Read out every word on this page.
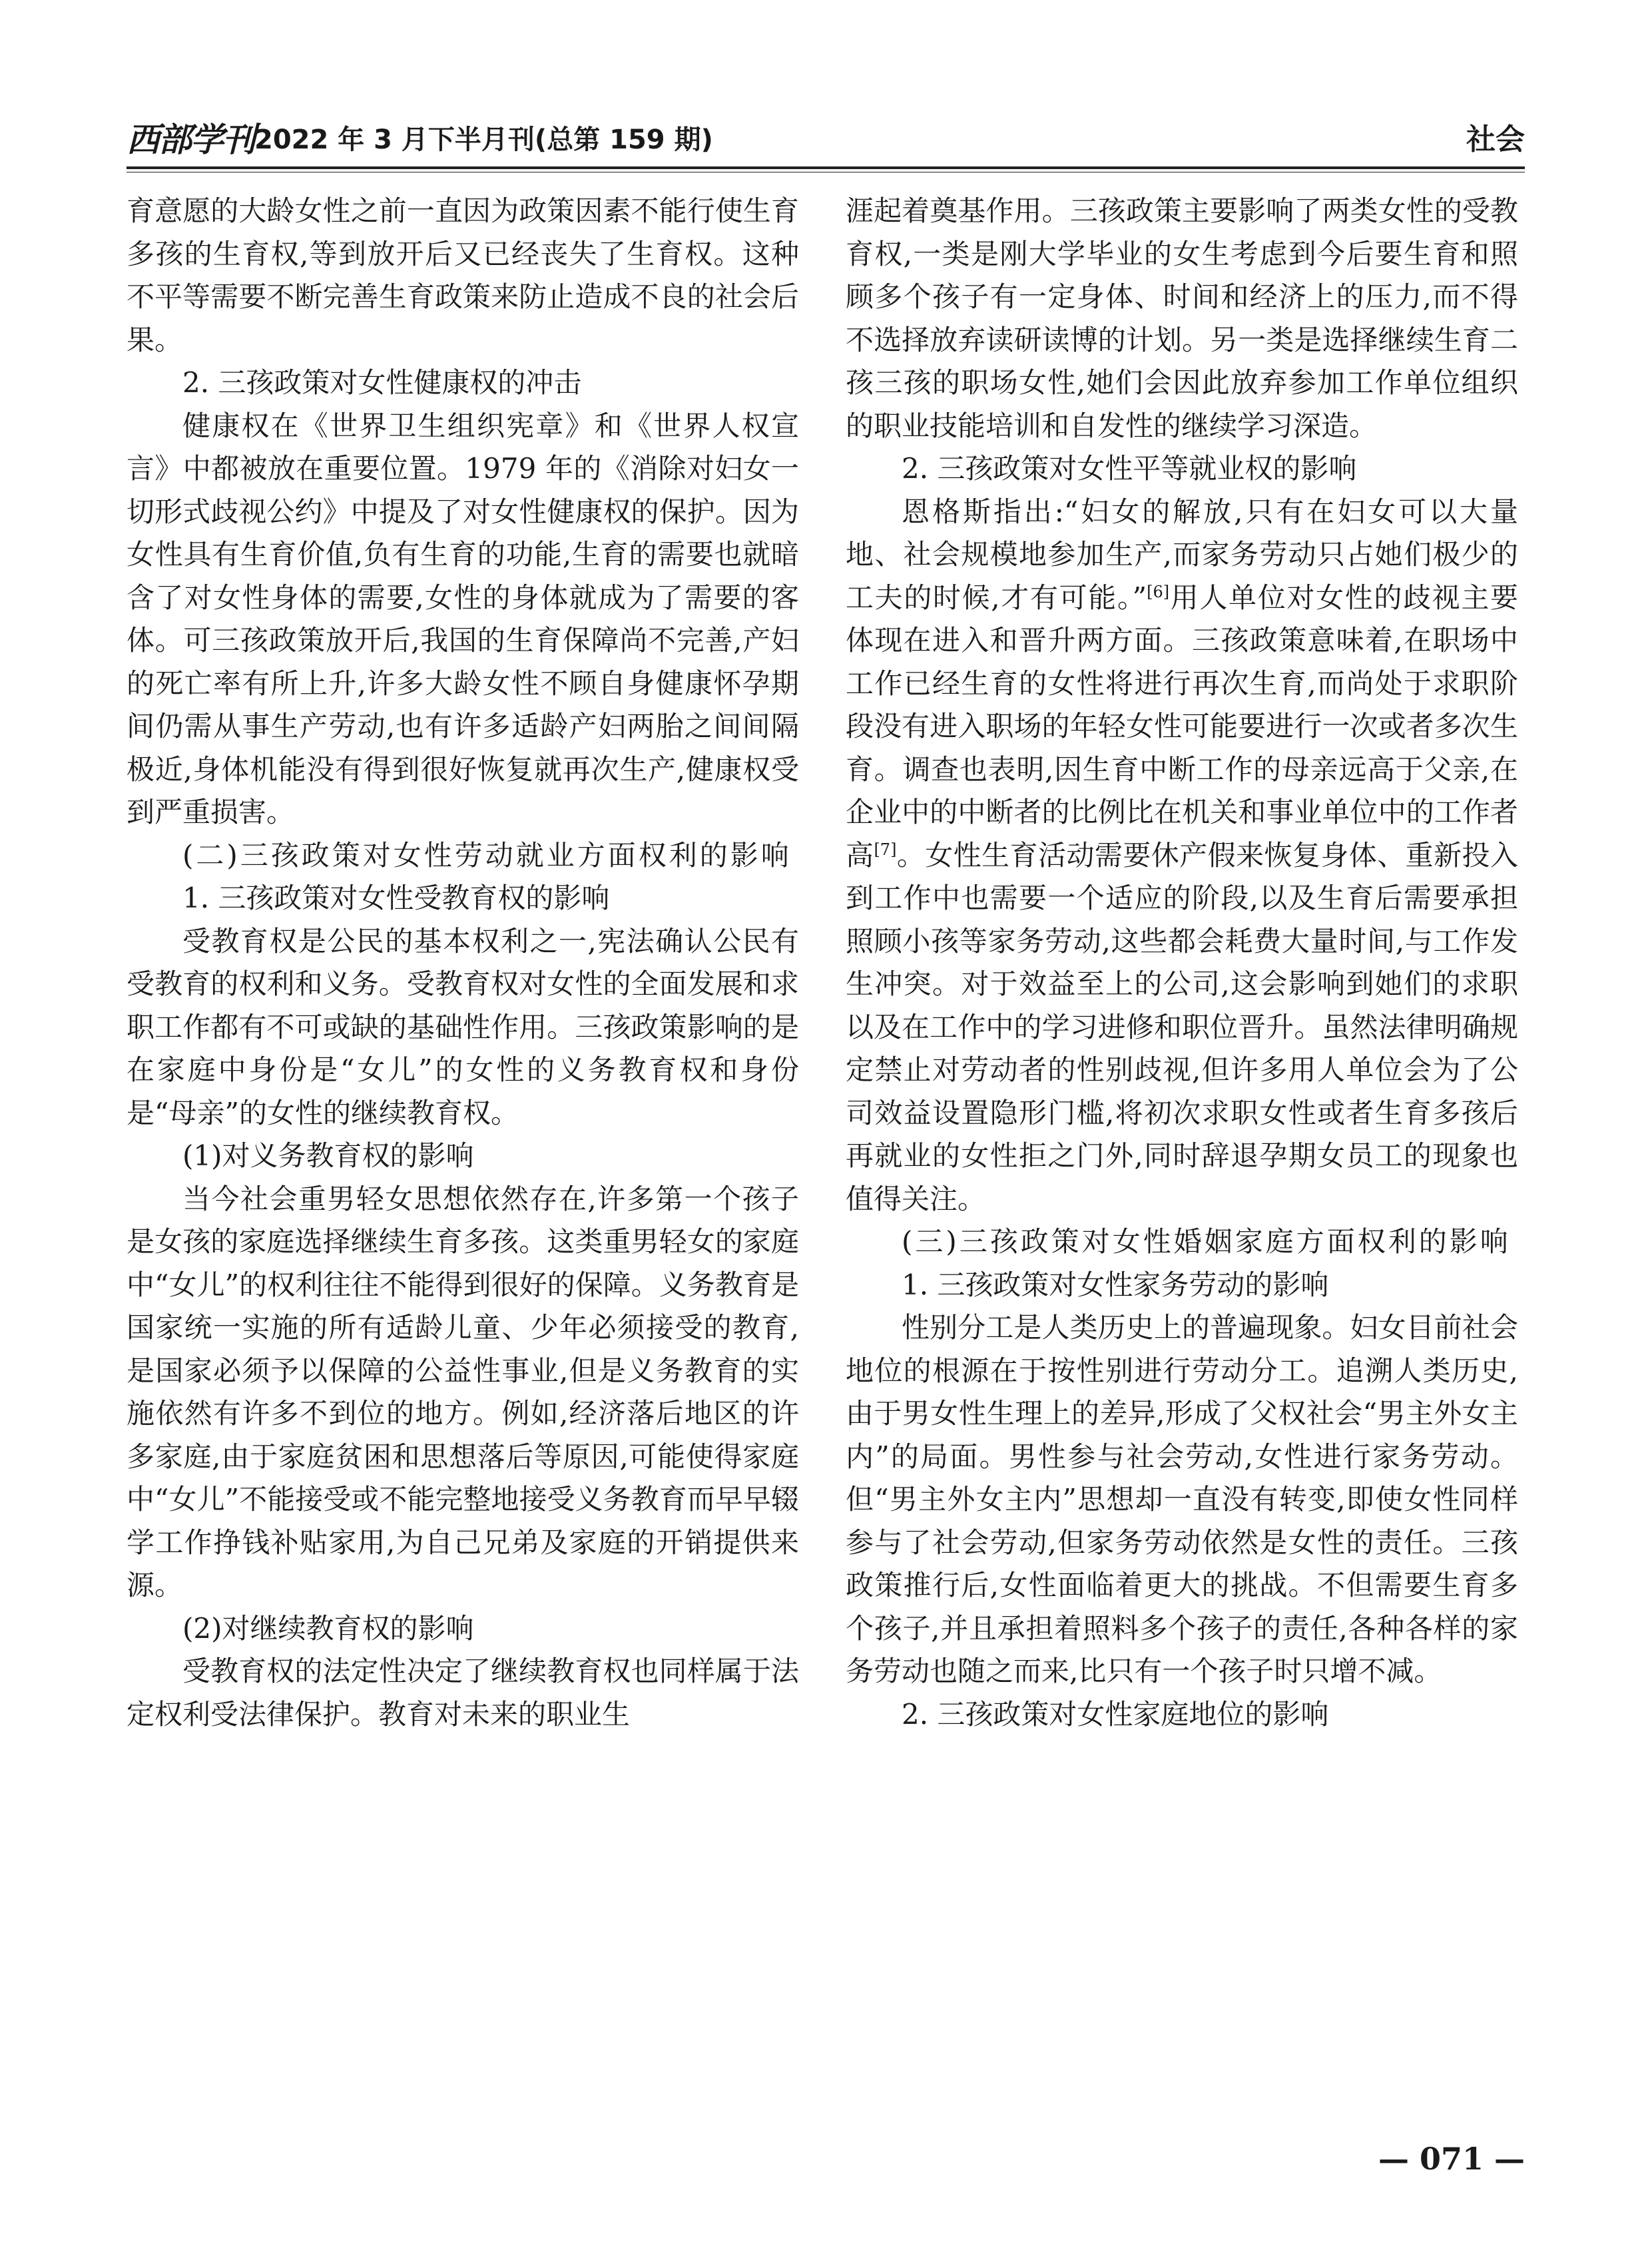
西部学刊 2022 年 3 月下半月刊(总第 159 期)	社会

育意愿的大龄女性之前一直因为政策因素不能行使生育多孩的生育权,等到放开后又已经丧失了生育权。这种不平等需要不断完善生育政策来防止造成不良的社会后果。

2. 三孩政策对女性健康权的冲击

健康权在《世界卫生组织宪章》和《世界人权宣言》中都被放在重要位置。1979 年的《消除对妇女一切形式歧视公约》中提及了对女性健康权的保护。因为女性具有生育价值,负有生育的功能,生育的需要也就暗含了对女性身体的需要,女性的身体就成为了需要的客体。可三孩政策放开后,我国的生育保障尚不完善,产妇的死亡率有所上升,许多大龄女性不顾自身健康怀孕期间仍需从事生产劳动,也有许多适龄产妇两胎之间间隔极近,身体机能没有得到很好恢复就再次生产,健康权受到严重损害。

(二)三孩政策对女性劳动就业方面权利的影响

1. 三孩政策对女性受教育权的影响

受教育权是公民的基本权利之一,宪法确认公民有受教育的权利和义务。受教育权对女性的全面发展和求职工作都有不可或缺的基础性作用。三孩政策影响的是在家庭中身份是“女儿”的女性的义务教育权和身份是“母亲”的女性的继续教育权。

(1)对义务教育权的影响

当今社会重男轻女思想依然存在,许多第一个孩子是女孩的家庭选择继续生育多孩。这类重男轻女的家庭中“女儿”的权利往往不能得到很好的保障。义务教育是国家统一实施的所有适龄儿童、少年必须接受的教育,是国家必须予以保障的公益性事业,但是义务教育的实施依然有许多不到位的地方。例如,经济落后地区的许多家庭,由于家庭贫困和思想落后等原因,可能使得家庭中“女儿”不能接受或不能完整地接受义务教育而早早辍学工作挣钱补贴家用,为自己兄弟及家庭的开销提供来源。

(2)对继续教育权的影响

受教育权的法定性决定了继续教育权也同样属于法定权利受法律保护。教育对未来的职业生

涯起着奠基作用。三孩政策主要影响了两类女性的受教育权,一类是刚大学毕业的女生考虑到今后要生育和照顾多个孩子有一定身体、时间和经济上的压力,而不得不选择放弃读研读博的计划。另一类是选择继续生育二孩三孩的职场女性,她们会因此放弃参加工作单位组织的职业技能培训和自发性的继续学习深造。

2. 三孩政策对女性平等就业权的影响

恩格斯指出:“妇女的解放,只有在妇女可以大量地、社会规模地参加生产,而家务劳动只占她们极少的工夫的时候,才有可能。”[6]用人单位对女性的歧视主要体现在进入和晋升两方面。三孩政策意味着,在职场中工作已经生育的女性将进行再次生育,而尚处于求职阶段没有进入职场的年轻女性可能要进行一次或者多次生育。调查也表明,因生育中断工作的母亲远高于父亲,在企业中的中断者的比例比在机关和事业单位中的工作者高[7]。女性生育活动需要休产假来恢复身体、重新投入到工作中也需要一个适应的阶段,以及生育后需要承担照顾小孩等家务劳动,这些都会耗费大量时间,与工作发生冲突。对于效益至上的公司,这会影响到她们的求职以及在工作中的学习进修和职位晋升。虽然法律明确规定禁止对劳动者的性别歧视,但许多用人单位会为了公司效益设置隐形门槛,将初次求职女性或者生育多孩后再就业的女性拒之门外,同时辞退孕期女员工的现象也值得关注。

(三)三孩政策对女性婚姻家庭方面权利的影响

1. 三孩政策对女性家务劳动的影响

性别分工是人类历史上的普遍现象。妇女目前社会地位的根源在于按性别进行劳动分工。追溯人类历史,由于男女性生理上的差异,形成了父权社会“男主外女主内”的局面。男性参与社会劳动,女性进行家务劳动。但“男主外女主内”思想却一直没有转变,即使女性同样参与了社会劳动,但家务劳动依然是女性的责任。三孩政策推行后,女性面临着更大的挑战。不但需要生育多个孩子,并且承担着照料多个孩子的责任,各种各样的家务劳动也随之而来,比只有一个孩子时只增不减。

2. 三孩政策对女性家庭地位的影响

— 071 —
